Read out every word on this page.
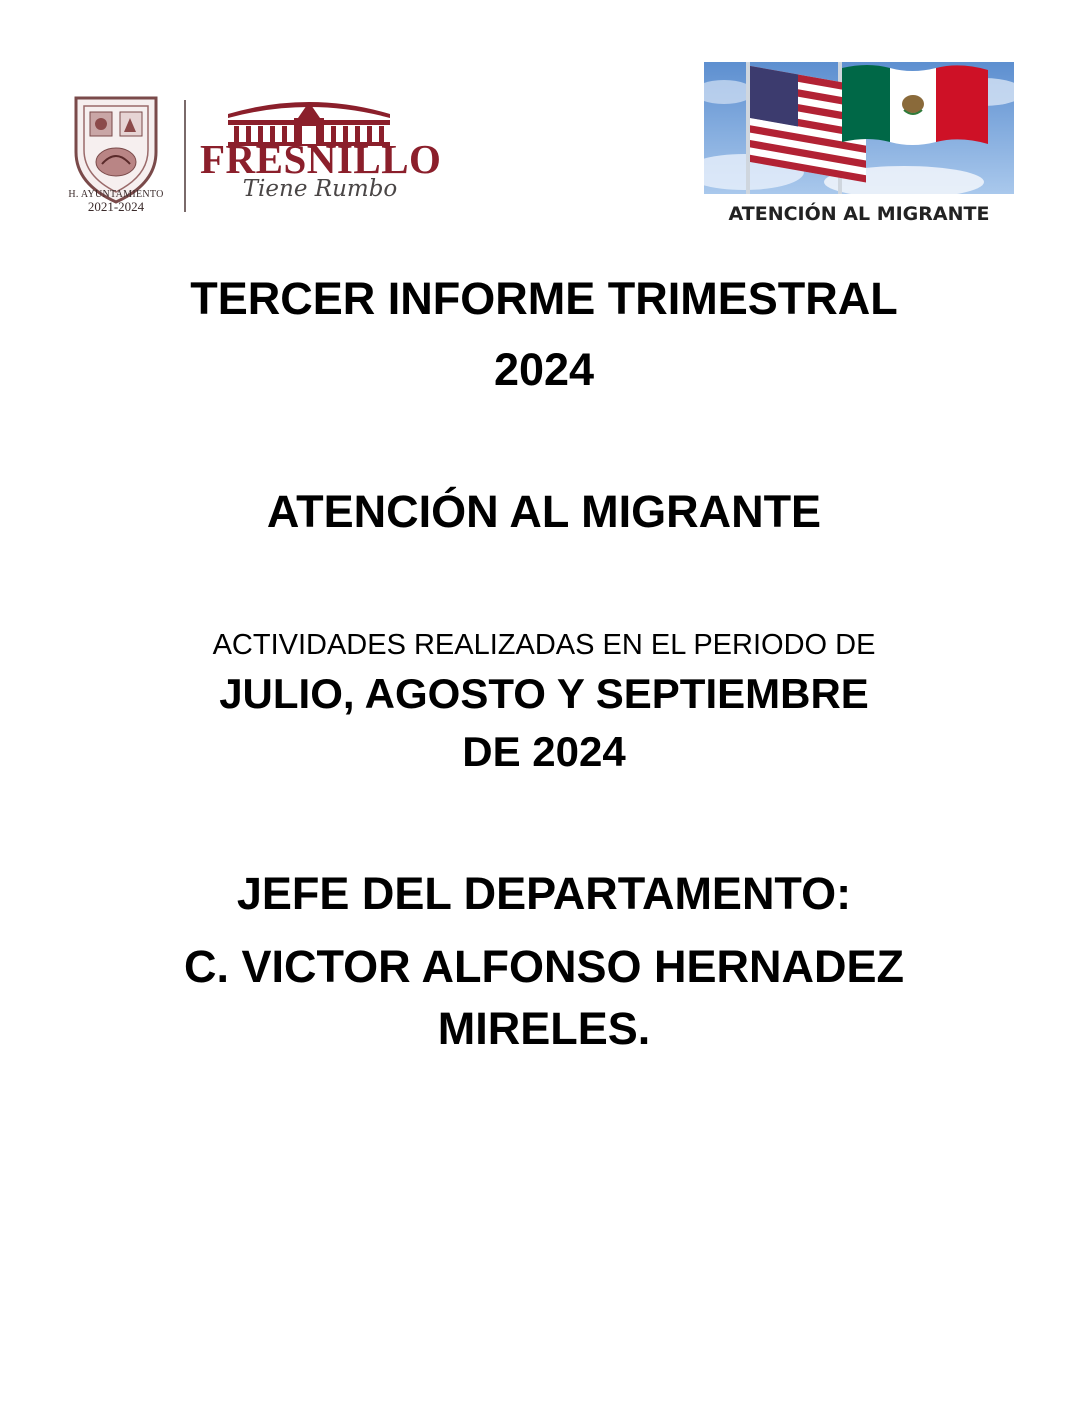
H. AYUNTAMIENTO
2021-2024
FRESNILLO
Tiene Rumbo
ATENCIÓN AL MIGRANTE
TERCER INFORME TRIMESTRAL
2024
ATENCIÓN AL MIGRANTE
ACTIVIDADES REALIZADAS EN EL PERIODO DE
JULIO, AGOSTO Y SEPTIEMBRE
DE 2024
JEFE DEL DEPARTAMENTO:
C. VICTOR ALFONSO HERNADEZ
MIRELES.
